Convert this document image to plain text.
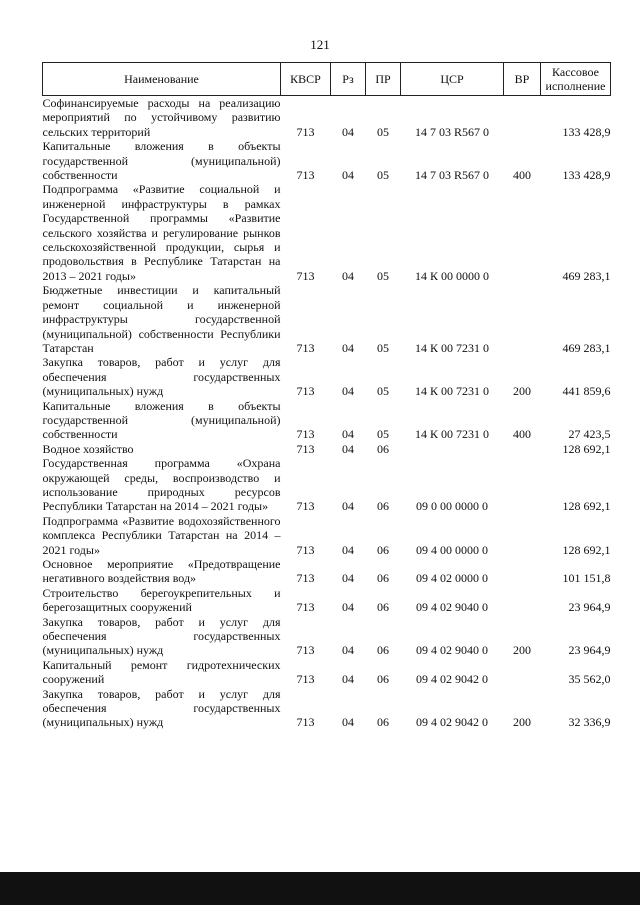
121
Наименование	КВСР	Рз	ПР	ЦСР	ВР	Кассовое исполнение
Софинансируемые расходы на реализацию мероприятий по устойчивому развитию сельских территорий	713	04	05	14 7 03 R567 0		133 428,9
Капитальные вложения в объекты государственной (муниципальной) собственности	713	04	05	14 7 03 R567 0	400	133 428,9
Подпрограмма «Развитие социальной и инженерной инфраструктуры в рамках Государственной программы «Развитие сельского хозяйства и регулирование рынков сельскохозяйственной продукции, сырья и продовольствия в Республике Татарстан на 2013 – 2021 годы»	713	04	05	14 К 00 0000 0		469 283,1
Бюджетные инвестиции и капитальный ремонт социальной и инженерной инфраструктуры государственной (муниципальной) собственности Республики Татарстан	713	04	05	14 К 00 7231 0		469 283,1
Закупка товаров, работ и услуг для обеспечения государственных (муниципальных) нужд	713	04	05	14 К 00 7231 0	200	441 859,6
Капитальные вложения в объекты государственной (муниципальной) собственности	713	04	05	14 К 00 7231 0	400	27 423,5
Водное хозяйство	713	04	06			128 692,1
Государственная программа «Охрана окружающей среды, воспроизводство и использование природных ресурсов Республики Татарстан на 2014 – 2021 годы»	713	04	06	09 0 00 0000 0		128 692,1
Подпрограмма «Развитие водохозяйственного комплекса Республики Татарстан на 2014 – 2021 годы»	713	04	06	09 4 00 0000 0		128 692,1
Основное мероприятие «Предотвращение негативного воздействия вод»	713	04	06	09 4 02 0000 0		101 151,8
Строительство берегоукрепительных и берегозащитных сооружений	713	04	06	09 4 02 9040 0		23 964,9
Закупка товаров, работ и услуг для обеспечения государственных (муниципальных) нужд	713	04	06	09 4 02 9040 0	200	23 964,9
Капитальный ремонт гидротехнических сооружений	713	04	06	09 4 02 9042 0		35 562,0
Закупка товаров, работ и услуг для обеспечения государственных (муниципальных) нужд	713	04	06	09 4 02 9042 0	200	32 336,9
